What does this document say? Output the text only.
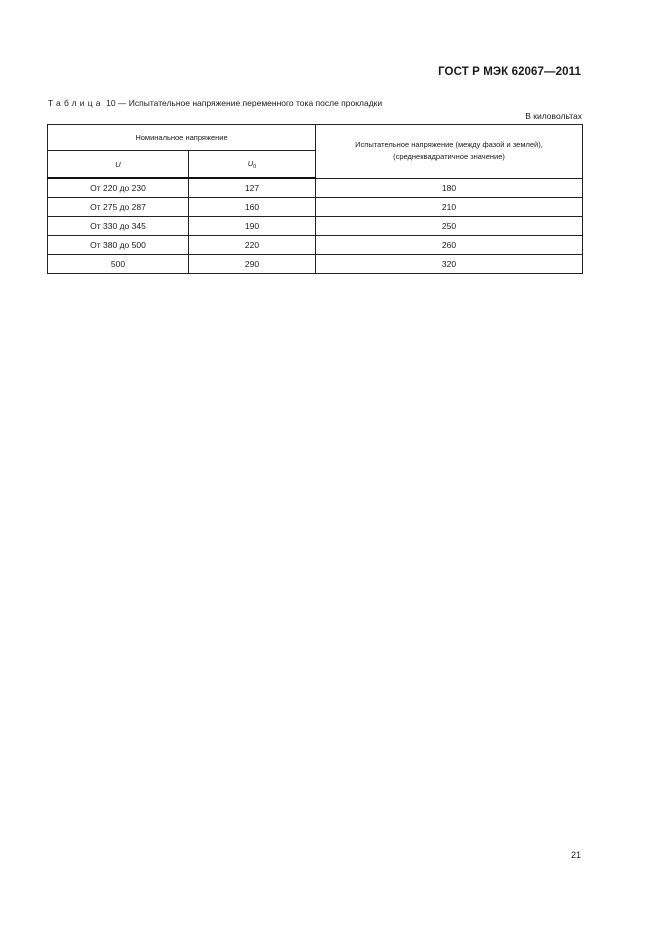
ГОСТ Р МЭК 62067—2011
Таблица 10 — Испытательное напряжение переменного тока после прокладки
В киловольтах
Номинальное напряжение		Испытательное напряжение (между фазой и землей),
(среднеквадратичное значение)
U	$U_0$
От 220 до 230	127	180
От 275 до 287	160	210
От 330 до 345	190	250
От 380 до 500	220	260
500	290	320
21
